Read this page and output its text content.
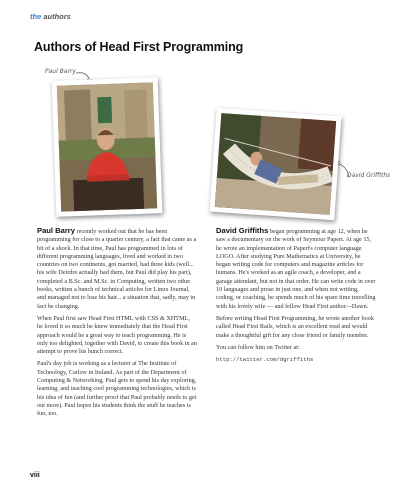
the authors
Authors of Head First Programming
Paul Barry
David Griffiths

Paul Barry recently worked out that he has been programming for close to a quarter century, a fact that came as a bit of a shock. In that time, Paul has programmed in lots of different programming languages, lived and worked in two countries on two continents, got married, had three kids (well... his wife Deirdre actually had them, but Paul did play his part), completed a B.Sc. and M.Sc. in Computing, written two other books, written a bunch of technical articles for Linux Journal, and managed not to lose his hair... a situation that, sadly, may in fact be changing.

When Paul first saw Head First HTML with CSS & XHTML, he loved it so much he knew immediately that the Head First approach would be a great way to teach programming. He is only too delighted, together with David, to create this book in an attempt to prove his hunch correct.

Paul's day job is working as a lecturer at The Institute of Technology, Carlow in Ireland. As part of the Department of Computing & Networking, Paul gets to spend his day exploring, learning, and teaching cool programming technologies, which is his idea of fun (and further proof that Paul probably needs to get out more). Paul hopes his students think the stuff he teaches is fun, too.

David Griffiths began programming at age 12, when he saw a documentary on the work of Seymour Papert. At age 15, he wrote an implementation of Papert's computer language LOGO. After studying Pure Mathematics at University, he began writing code for computers and magazine articles for humans. He's worked as an agile coach, a developer, and a garage attendant, but not in that order. He can write code in over 10 languages and prose in just one, and when not writing, coding, or coaching, he spends much of his spare time travelling with his lovely wife — and fellow Head First author—Dawn.

Before writing Head First Programming, he wrote another book called Head First Rails, which is an excellent read and would make a thoughtful gift for any close friend or family member.

You can follow him on Twitter at:

http://twitter.com/dgriffiths

viii
